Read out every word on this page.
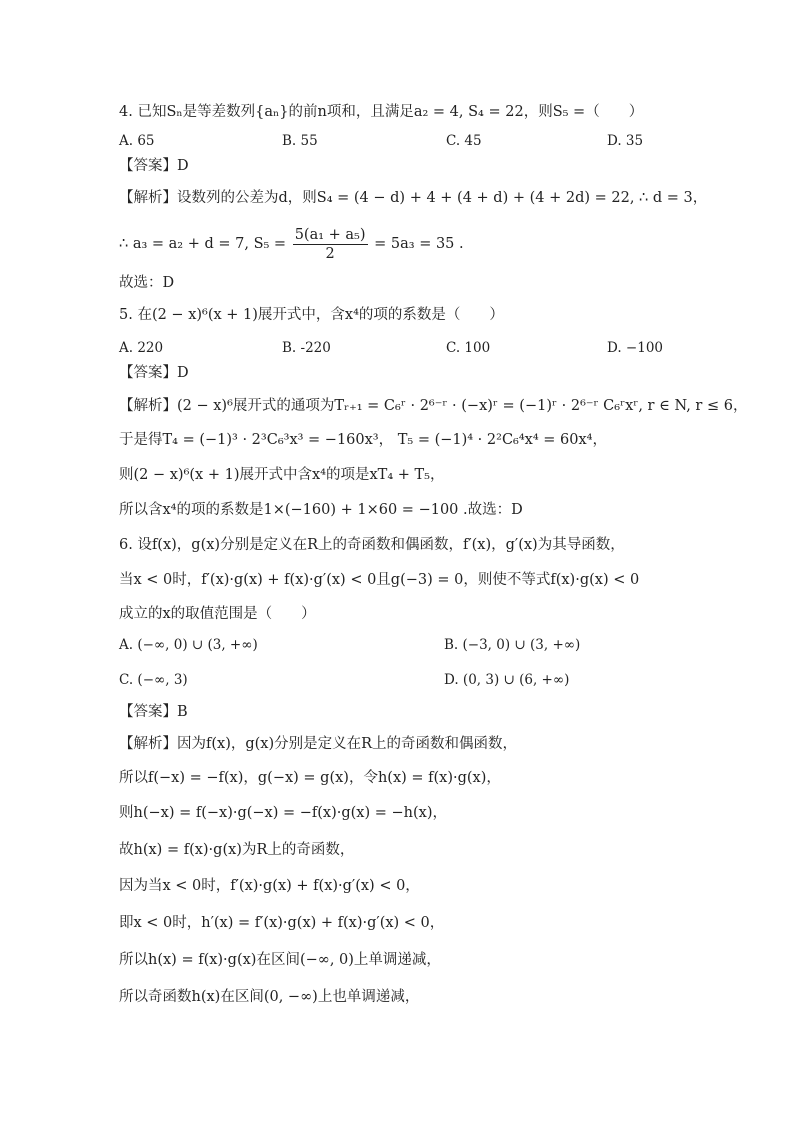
4. 已知Sₙ是等差数列{aₙ}的前n项和，且满足a₂ = 4, S₄ = 22，则S₅ =（　　）
A. 65	B. 55	C. 45	D. 35
【答案】D
【解析】设数列的公差为d，则S₄ = (4 − d) + 4 + (4 + d) + (4 + 2d) = 22, ∴ d = 3，
∴ a₃ = a₂ + d = 7, $S_5 = \frac{\text{5(a₁ + a₅)}}{2} = 5a_3 = 35$ .
故选：D
5. 在(2 − x)⁶(x + 1)展开式中，含x⁴的项的系数是（　　）
A. 220	B. -220	C. 100	D. −100
【答案】D
【解析】(2 − x)⁶展开式的通项为Tᵣ₊₁ = C₆ʳ · 2⁶⁻ʳ · (−x)ʳ = (−1)ʳ · 2⁶⁻ʳ C₆ʳxʳ, r ∈ N, r ≤ 6，
于是得T₄ = (−1)³ · 2³C₆³x³ = −160x³， T₅ = (−1)⁴ · 2²C₆⁴x⁴ = 60x⁴，
则(2 − x)⁶(x + 1)展开式中含x⁴的项是xT₄ + T₅，
所以含x⁴的项的系数是1×(−160) + 1×60 = −100 .故选：D
6. 设f(x)，g(x)分别是定义在R上的奇函数和偶函数，f′(x)，g′(x)为其导函数，
当x < 0时，f′(x)·g(x) + f(x)·g′(x) < 0且g(−3) = 0，则使不等式f(x)·g(x) < 0
成立的x的取值范围是（　　）
A. (−∞, 0) ∪ (3, +∞)	B. (−3, 0) ∪ (3, +∞)
C. (−∞, 3)	D. (0, 3) ∪ (6, +∞)
【答案】B
【解析】因为f(x)，g(x)分别是定义在R上的奇函数和偶函数，
所以f(−x) = −f(x)，g(−x) = g(x)，令h(x) = f(x)·g(x)，
则h(−x) = f(−x)·g(−x) = −f(x)·g(x) = −h(x)，
故h(x) = f(x)·g(x)为R上的奇函数，
因为当x < 0时，f′(x)·g(x) + f(x)·g′(x) < 0，
即x < 0时，h′(x) = f′(x)·g(x) + f(x)·g′(x) < 0，
所以h(x) = f(x)·g(x)在区间(−∞, 0)上单调递减，
所以奇函数h(x)在区间(0, −∞)上也单调递减，
